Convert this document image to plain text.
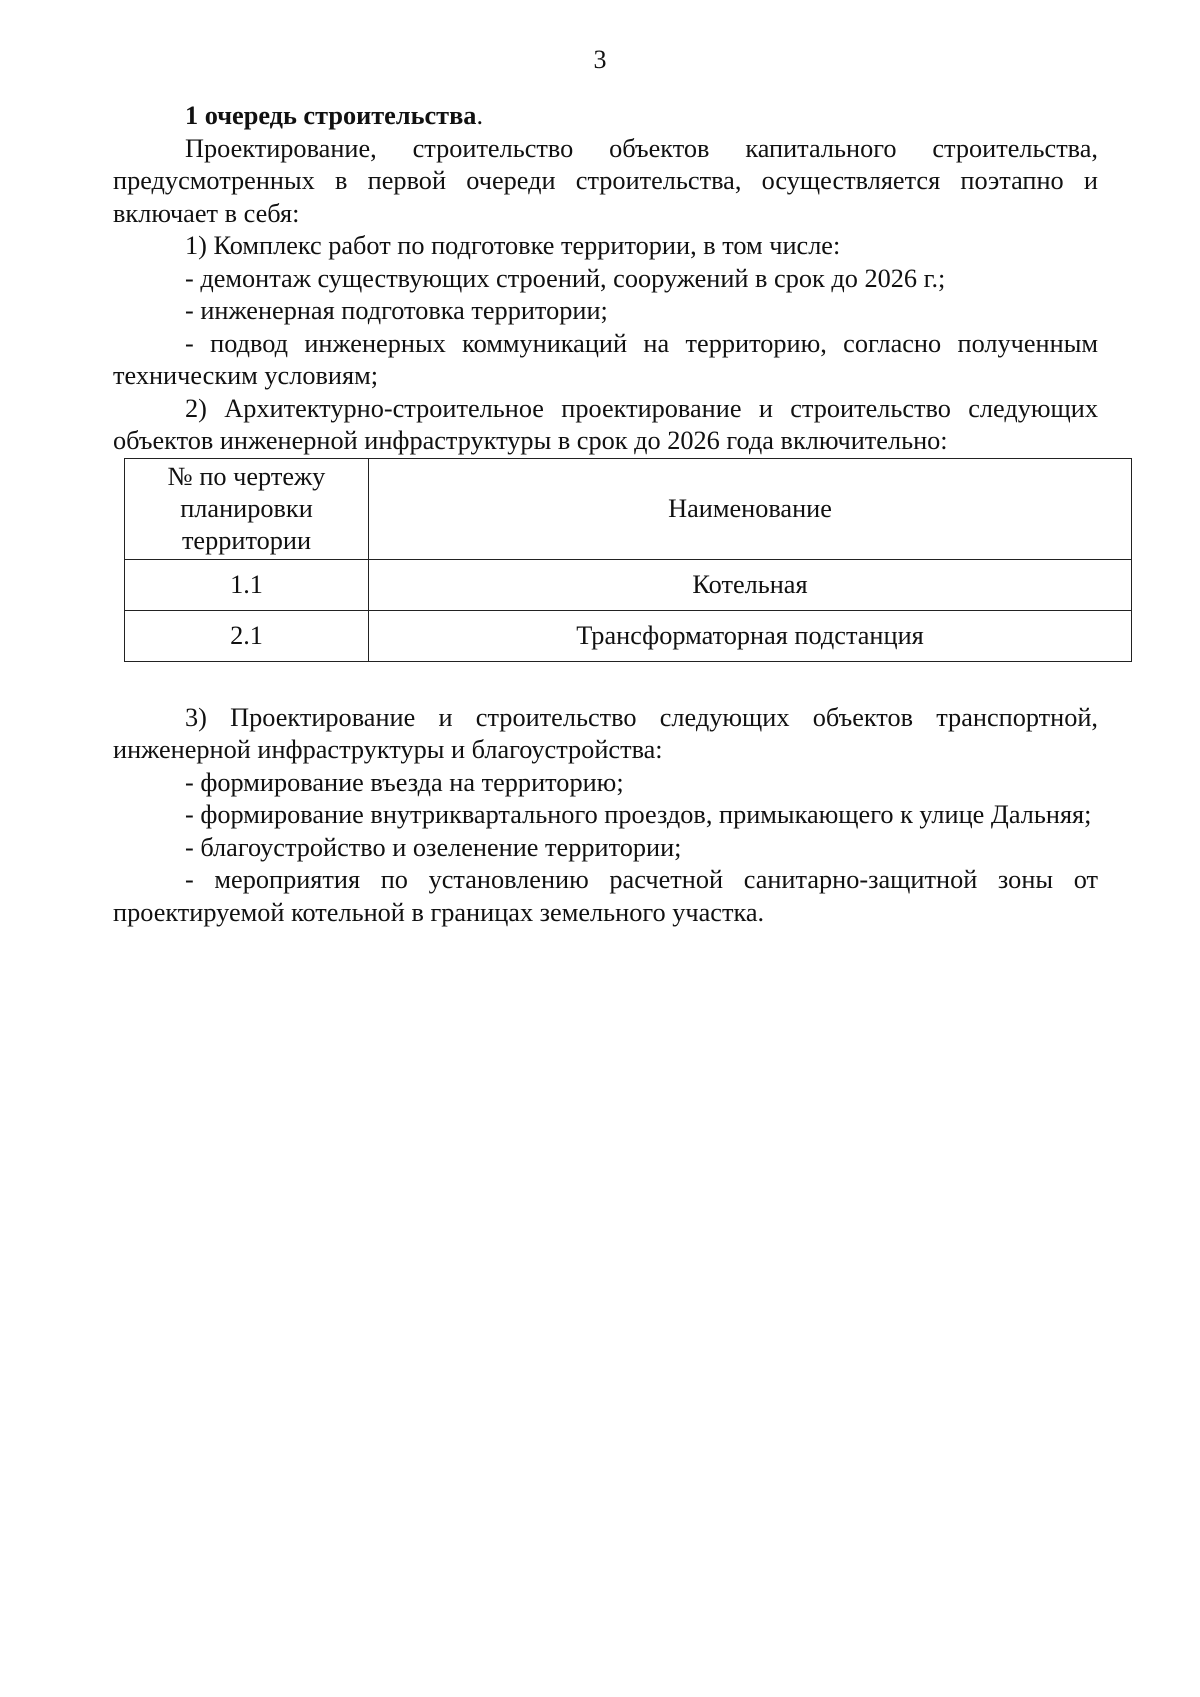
3

1 очередь строительства.

Проектирование, строительство объектов капитального строительства, предусмотренных в первой очереди строительства, осуществляется поэтапно и включает в себя:

1) Комплекс работ по подготовке территории, в том числе:

- демонтаж существующих строений, сооружений в срок до 2026 г.;

- инженерная подготовка территории;

- подвод инженерных коммуникаций на территорию, согласно полученным техническим условиям;

2) Архитектурно-строительное проектирование и строительство следующих объектов инженерной инфраструктуры в срок до 2026 года включительно:

№ по чертежу планировки территории	Наименование
1.1	Котельная
2.1	Трансформаторная подстанция

3) Проектирование и строительство следующих объектов транспортной, инженерной инфраструктуры и благоустройства:

- формирование въезда на территорию;

- формирование внутриквартального проездов, примыкающего к улице Дальняя;

- благоустройство и озеленение территории;

- мероприятия по установлению расчетной санитарно-защитной зоны от проектируемой котельной в границах земельного участка.
